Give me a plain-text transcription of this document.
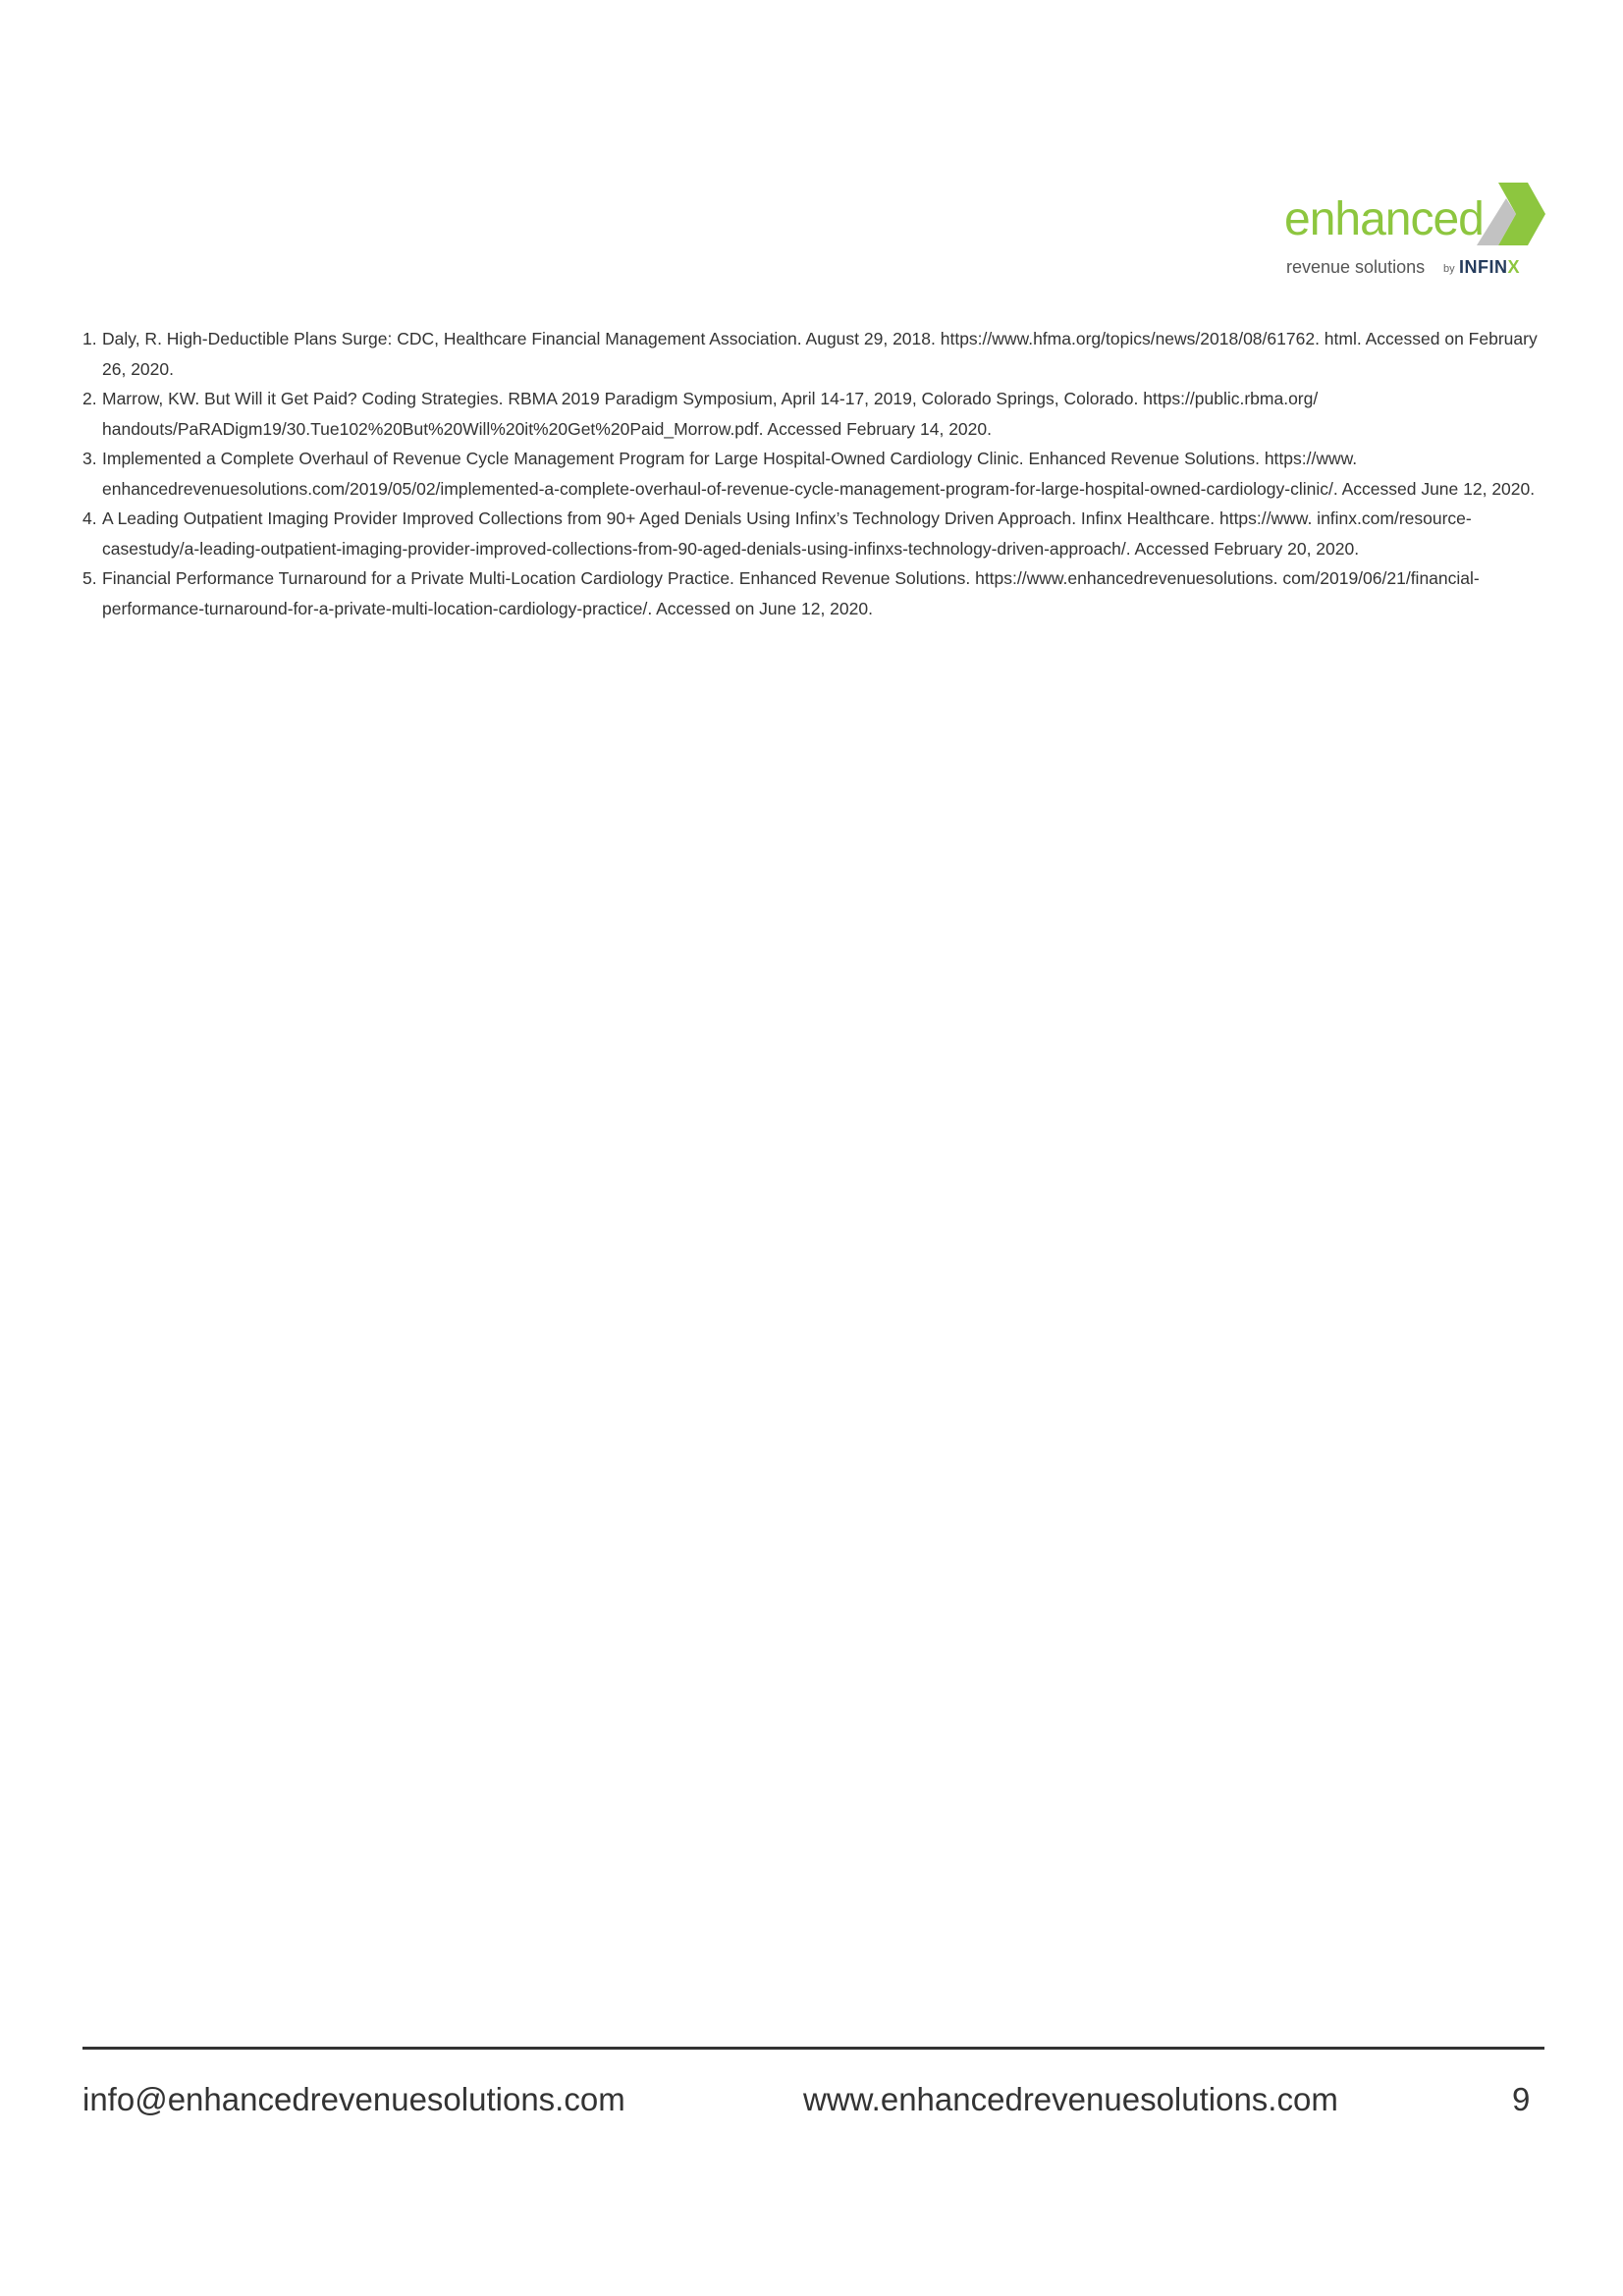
enhanced
revenue solutions by INFINX
1. Daly, R. High-Deductible Plans Surge: CDC, Healthcare Financial Management Association. August 29, 2018. https://www.hfma.org/topics/news/2018/08/61762. html. Accessed on February 26, 2020.
2. Marrow, KW. But Will it Get Paid? Coding Strategies. RBMA 2019 Paradigm Symposium, April 14-17, 2019, Colorado Springs, Colorado. https://public.rbma.org/ handouts/PaRADigm19/30.Tue102%20But%20Will%20it%20Get%20Paid_Morrow.pdf. Accessed February 14, 2020.
3. Implemented a Complete Overhaul of Revenue Cycle Management Program for Large Hospital-Owned Cardiology Clinic. Enhanced Revenue Solutions. https://www. enhancedrevenuesolutions.com/2019/05/02/implemented-a-complete-overhaul-of-revenue-cycle-management-program-for-large-hospital-owned-cardiology-clinic/. Accessed June 12, 2020.
4. A Leading Outpatient Imaging Provider Improved Collections from 90+ Aged Denials Using Infinx’s Technology Driven Approach. Infinx Healthcare. https://www. infinx.com/resource-casestudy/a-leading-outpatient-imaging-provider-improved-collections-from-90-aged-denials-using-infinxs-technology-driven-approach/. Accessed February 20, 2020.
5. Financial Performance Turnaround for a Private Multi-Location Cardiology Practice. Enhanced Revenue Solutions. https://www.enhancedrevenuesolutions. com/2019/06/21/financial-performance-turnaround-for-a-private-multi-location-cardiology-practice/. Accessed on June 12, 2020.
info@enhancedrevenuesolutions.com	www.enhancedrevenuesolutions.com	9
